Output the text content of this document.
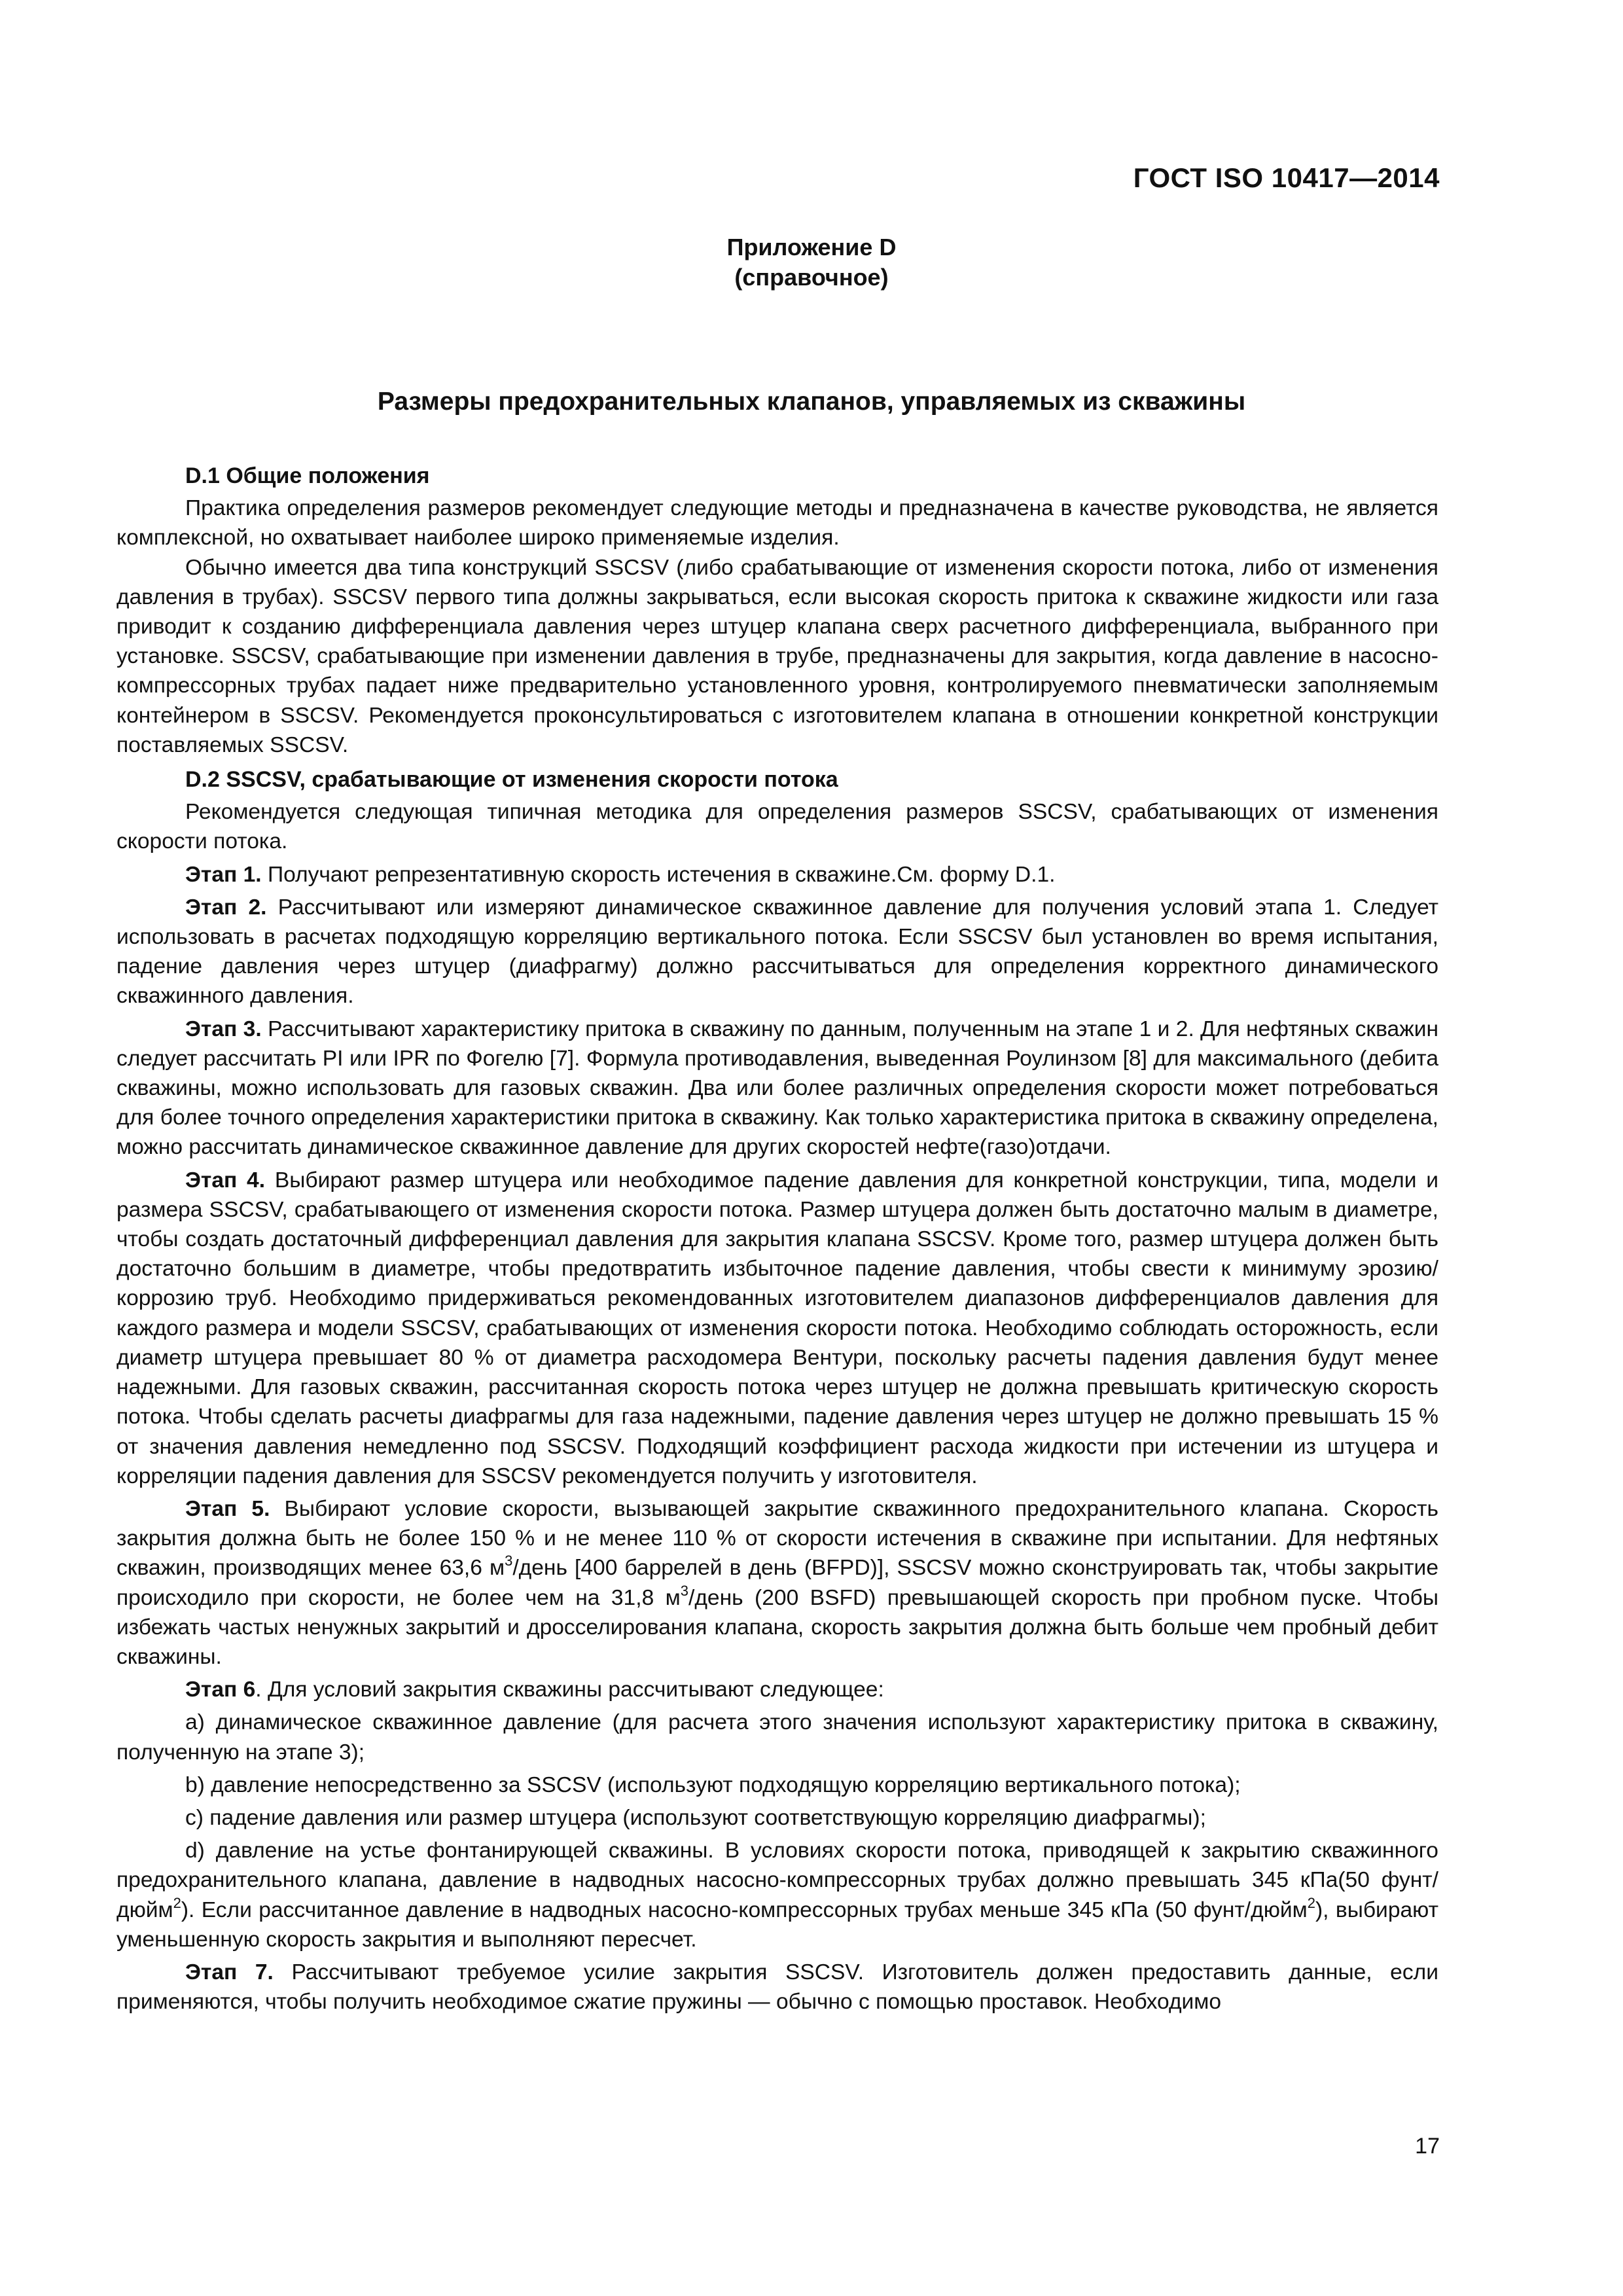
ГОСТ ISO 10417—2014
Приложение D
(справочное)
Размеры предохранительных клапанов, управляемых из скважины
D.1 Общие положения

Практика определения размеров рекомендует следующие методы и предназначена в качестве руководства, не является комплексной, но охватывает наиболее широко применяемые изделия.

Обычно имеется два типа конструкций SSCSV (либо срабатывающие от изменения скорости потока, либо от изменения давления в трубах). SSCSV первого типа должны закрываться, если высокая скорость притока к скважине жидкости или газа приводит к созданию дифференциала давления через штуцер клапана сверх расчетного дифференциала, выбранного при установке. SSCSV, срабатывающие при изменении давления в трубе, предназначены для закрытия, когда давление в насосно-компрессорных трубах падает ниже предварительно установленного уровня, контролируемого пневматически заполняемым контейнером в SSCSV. Рекомендуется проконсультироваться с изготовителем клапана в отношении конкретной конструкции поставляемых SSCSV.

D.2 SSCSV, срабатывающие от изменения скорости потока

Рекомендуется следующая типичная методика для определения размеров SSCSV, срабатывающих от изменения скорости потока.

Этап 1. Получают репрезентативную скорость истечения в скважине.См. форму D.1.

Этап 2. Рассчитывают или измеряют динамическое скважинное давление для получения условий этапа 1. Следует использовать в расчетах подходящую корреляцию вертикального потока. Если SSCSV был установлен во время испытания, падение давления через штуцер (диафрагму) должно рассчитываться для определения корректного динамического скважинного давления.

Этап 3. Рассчитывают характеристику притока в скважину по данным, полученным на этапе 1 и 2. Для нефтяных скважин следует рассчитать PI или IPR по Фогелю [7]. Формула противодавления, выведенная Роулинзом [8] для максимального (дебита скважины, можно использовать для газовых скважин. Два или более различных определения скорости может потребоваться для более точного определения характеристики притока в скважину. Как только характеристика притока в скважину определена, можно рассчитать динамическое скважинное давление для других скоростей нефте(газо)отдачи.

Этап 4. Выбирают размер штуцера или необходимое падение давления для конкретной конструкции, типа, модели и размера SSCSV, срабатывающего от изменения скорости потока. Размер штуцера должен быть достаточно малым в диаметре, чтобы создать достаточный дифференциал давления для закрытия клапана SSCSV. Кроме того, размер штуцера должен быть достаточно большим в диаметре, чтобы предотвратить избыточное падение давления, чтобы свести к минимуму эрозию/коррозию труб. Необходимо придерживаться рекомендованных изготовителем диапазонов дифференциалов давления для каждого размера и модели SSCSV, срабатывающих от изменения скорости потока. Необходимо соблюдать осторожность, если диаметр штуцера превышает 80 % от диаметра расходомера Вентури, поскольку расчеты падения давления будут менее надежными. Для газовых скважин, рассчитанная скорость потока через штуцер не должна превышать критическую скорость потока. Чтобы сделать расчеты диафрагмы для газа надежными, падение давления через штуцер не должно превышать 15 % от значения давления немедленно под SSCSV. Подходящий коэффициент расхода жидкости при истечении из штуцера и корреляции падения давления для SSCSV рекомендуется получить у изготовителя.

Этап 5. Выбирают условие скорости, вызывающей закрытие скважинного предохранительного клапана. Скорость закрытия должна быть не более 150 % и не менее 110 % от скорости истечения в скважине при испытании. Для нефтяных скважин, производящих менее 63,6 $м^3$/день [400 баррелей в день (BFPD)], SSCSV можно сконструировать так, чтобы закрытие происходило при скорости, не более чем на 31,8 $м^3$/день (200 BSFD) превышающей скорость при пробном пуске. Чтобы избежать частых ненужных закрытий и дросселирования клапана, скорость закрытия должна быть больше чем пробный дебит скважины.

Этап 6. Для условий закрытия скважины рассчитывают следующее:

a) динамическое скважинное давление (для расчета этого значения используют характеристику притока в скважину, полученную на этапе 3);

b) давление непосредственно за SSCSV (используют подходящую корреляцию вертикального потока);

c) падение давления или размер штуцера (используют соответствующую корреляцию диафрагмы);

d) давление на устье фонтанирующей скважины. В условиях скорости потока, приводящей к закрытию скважинного предохранительного клапана, давление в надводных насосно-компрессорных трубах должно превышать 345 кПа(50 фунт/дюйм$^2$). Если рассчитанное давление в надводных насосно-компрессорных трубах меньше 345 кПа (50 фунт/дюйм$^2$), выбирают уменьшенную скорость закрытия и выполняют пересчет.

Этап 7. Рассчитывают требуемое усилие закрытия SSCSV. Изготовитель должен предоставить данные, если применяются, чтобы получить необходимое сжатие пружины — обычно с помощью проставок. Необходимо

17
